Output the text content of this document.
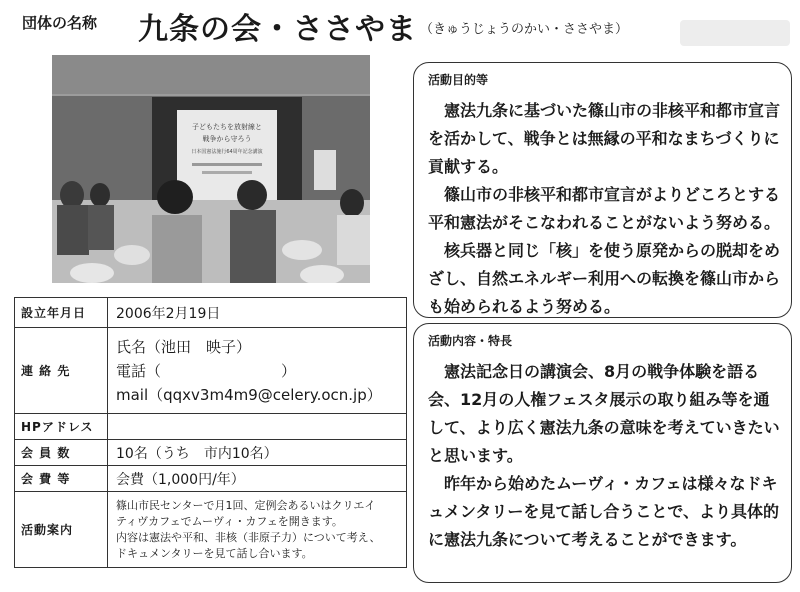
団体の名称 九条の会・ささやま （きゅうじょうのかい・ささやま）
子どもたちを放射線と
戦争から守ろう
日本国憲法施行64周年記念講演
設立年月日	2006年2月19日
連 絡 先	氏名（池田　映子）
電話（　　　　　　　　）
mail（qqxv3m4m9@celery.ocn.jp）

HPアドレス	
会 員 数	10名（うち　市内10名）
会 費 等	会費（1,000円/年）
活動案内	篠山市民センターで月1回、定例会あるいはクリエイ
ティヴカフェでムーヴィ・カフェを開きます。
内容は憲法や平和、非核（非原子力）について考え、
ドキュメンタリーを見て話し合います。
活動目的等

憲法九条に基づいた篠山市の非核平和都市宣言を活かして、戦争とは無縁の平和なまちづくりに貢献する。

篠山市の非核平和都市宣言がよりどころとする平和憲法がそこなわれることがないよう努める。

核兵器と同じ「核」を使う原発からの脱却をめざし、自然エネルギー利用への転換を篠山市からも始められるよう努める。

活動内容・特長

憲法記念日の講演会、8月の戦争体験を語る会、12月の人権フェスタ展示の取り組み等を通して、より広く憲法九条の意味を考えていきたいと思います。

昨年から始めたムーヴィ・カフェは様々なドキュメンタリーを見て話し合うことで、より具体的に憲法九条について考えることができます。
